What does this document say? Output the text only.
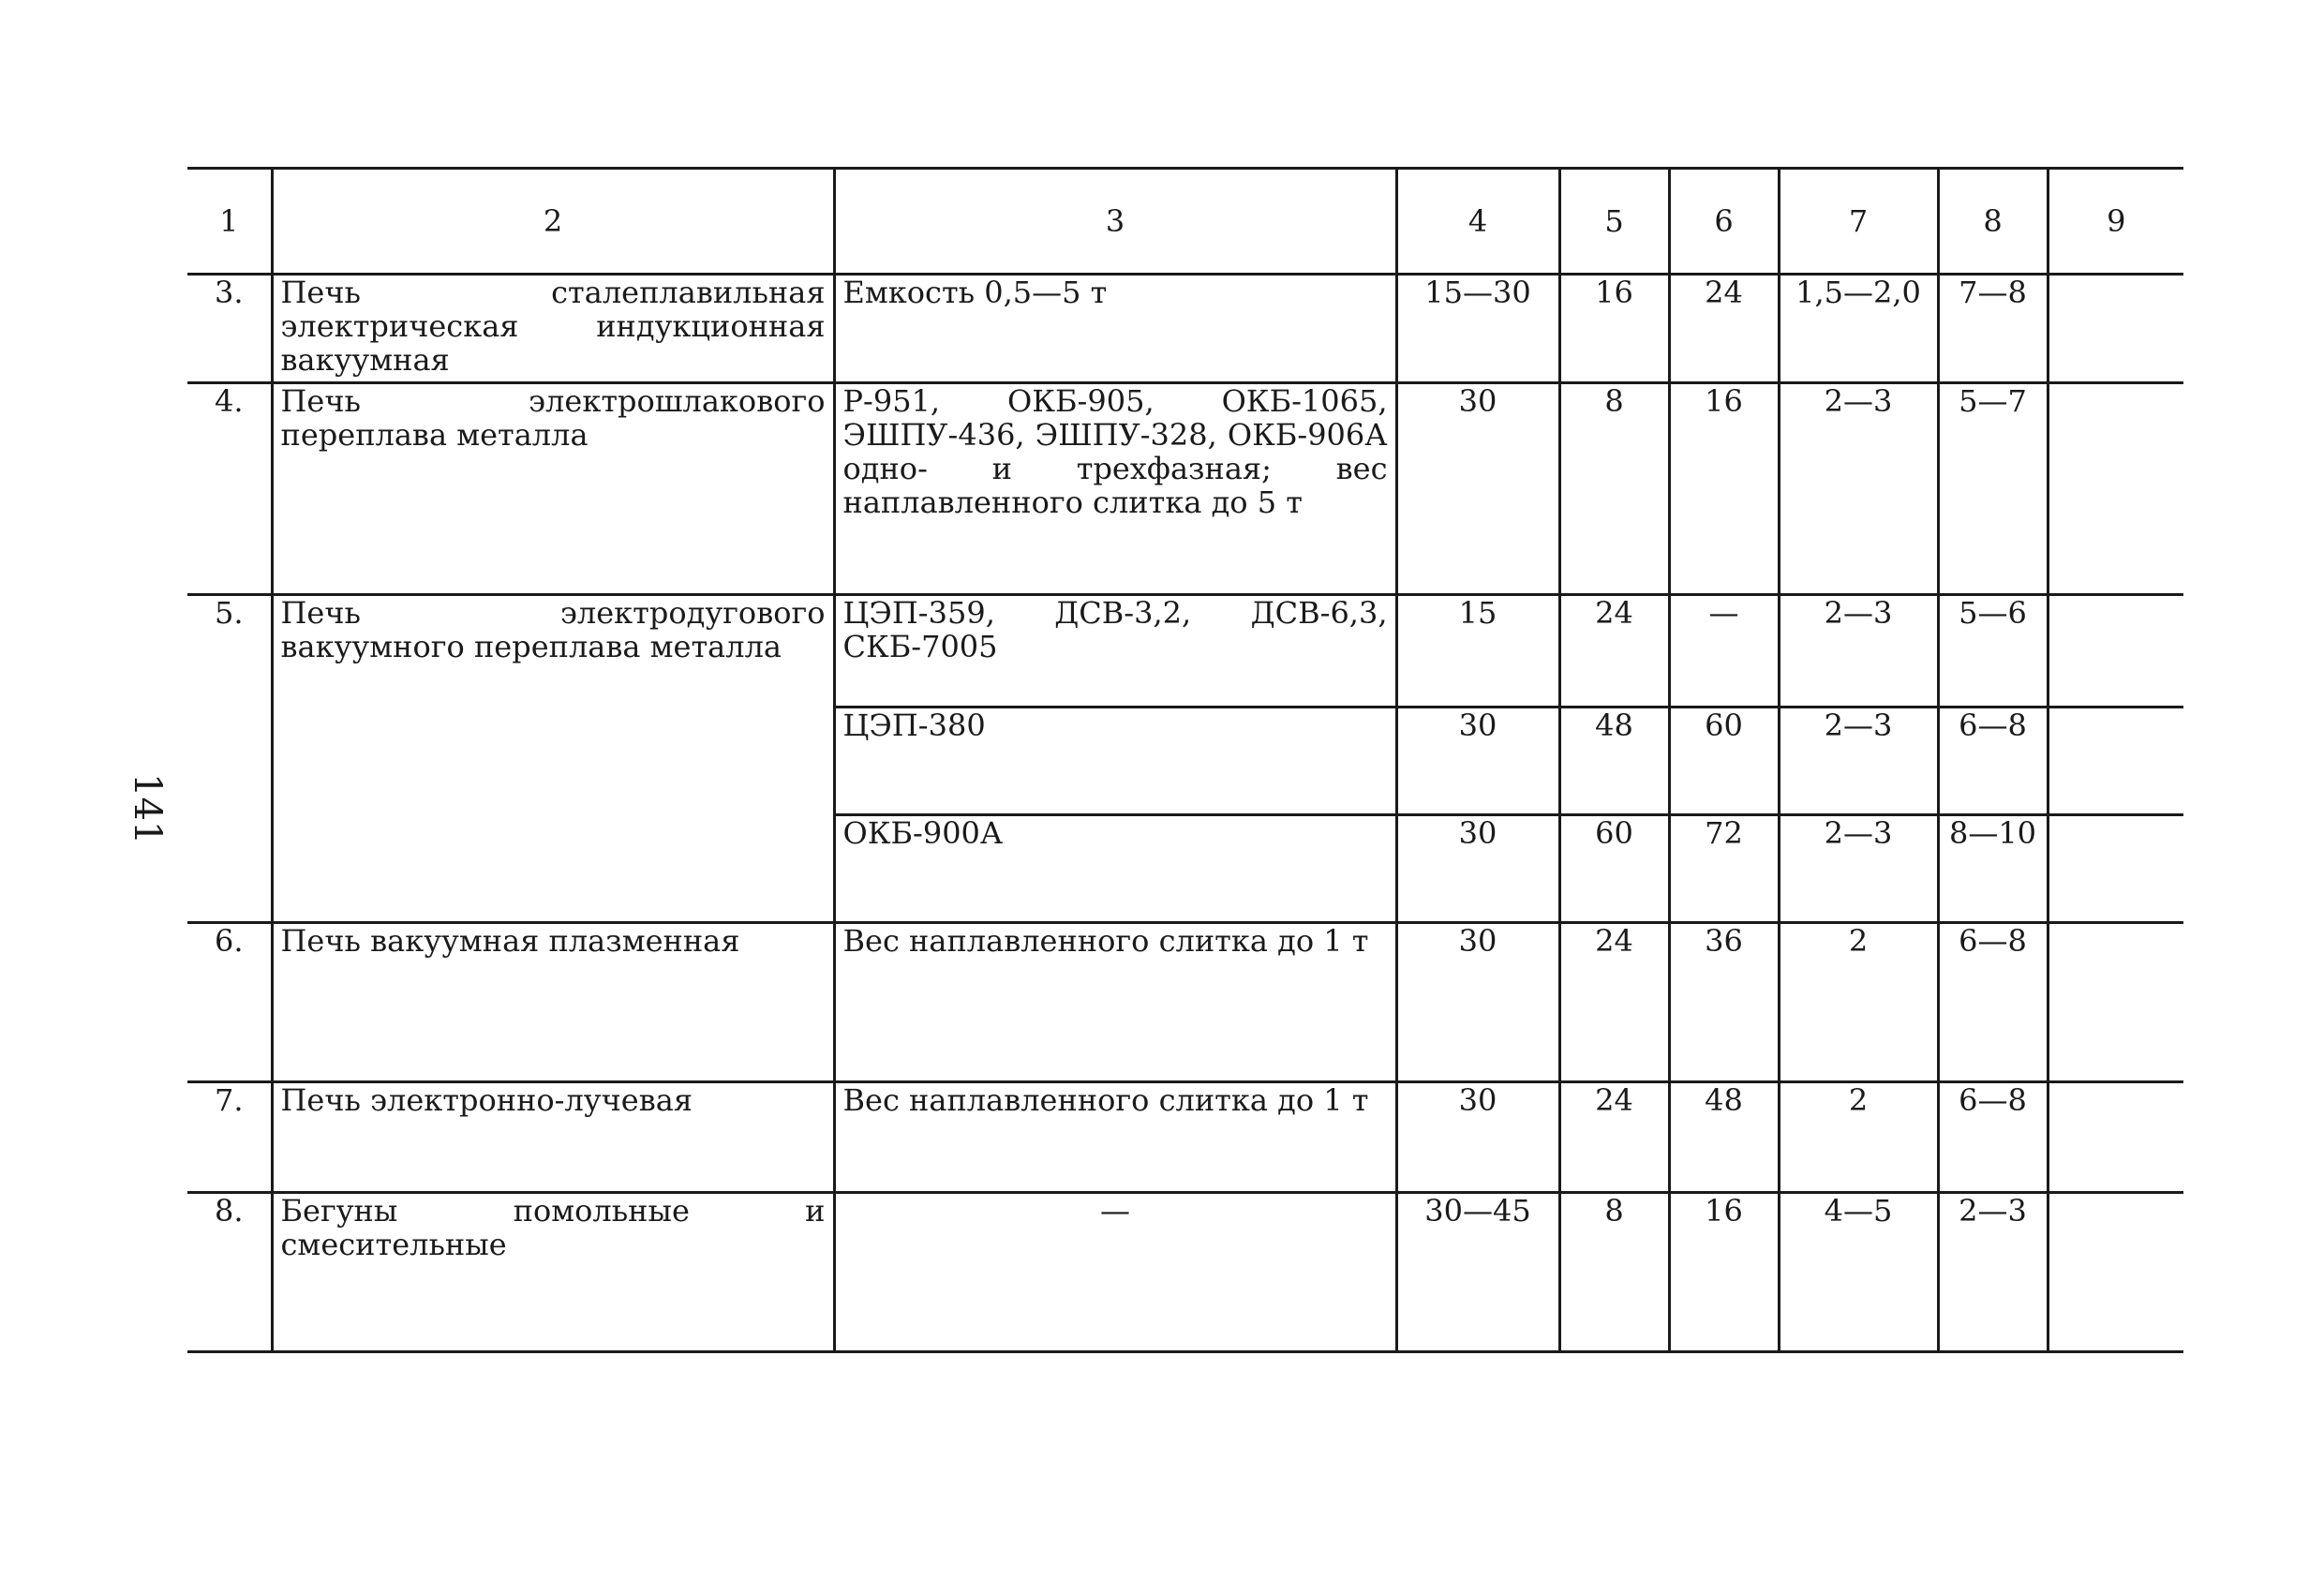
141
1	2	3	4	5	6	7	8	9
3.	Печь сталеплавильная электрическая индукционная вакуумная	Емкость 0,5—5 т	15—30	16	24	1,5—2,0	7—8	
4.	Печь электрошлакового переплава металла	Р-951, ОКБ-905, ОКБ-1065, ЭШПУ-436, ЭШПУ-328, ОКБ-906А одно- и трехфазная; вес наплавленного слитка до 5 т	30	8	16	2—3	5—7	
5.	Печь электродугового вакуумного переплава металла	ЦЭП-359, ДСВ-3,2, ДСВ-6,3, СКБ-7005	15	24	—	2—3	5—6	
		ЦЭП-380	30	48	60	2—3	6—8	
		ОКБ-900А	30	60	72	2—3	8—10	
6.	Печь вакуумная плазменная	Вес наплавленного слитка до 1 т	30	24	36	2	6—8	
7.	Печь электронно-лучевая	Вес наплавленного слитка до 1 т	30	24	48	2	6—8	
8.	Бегуны помольные и смесительные	—	30—45	8	16	4—5	2—3	
